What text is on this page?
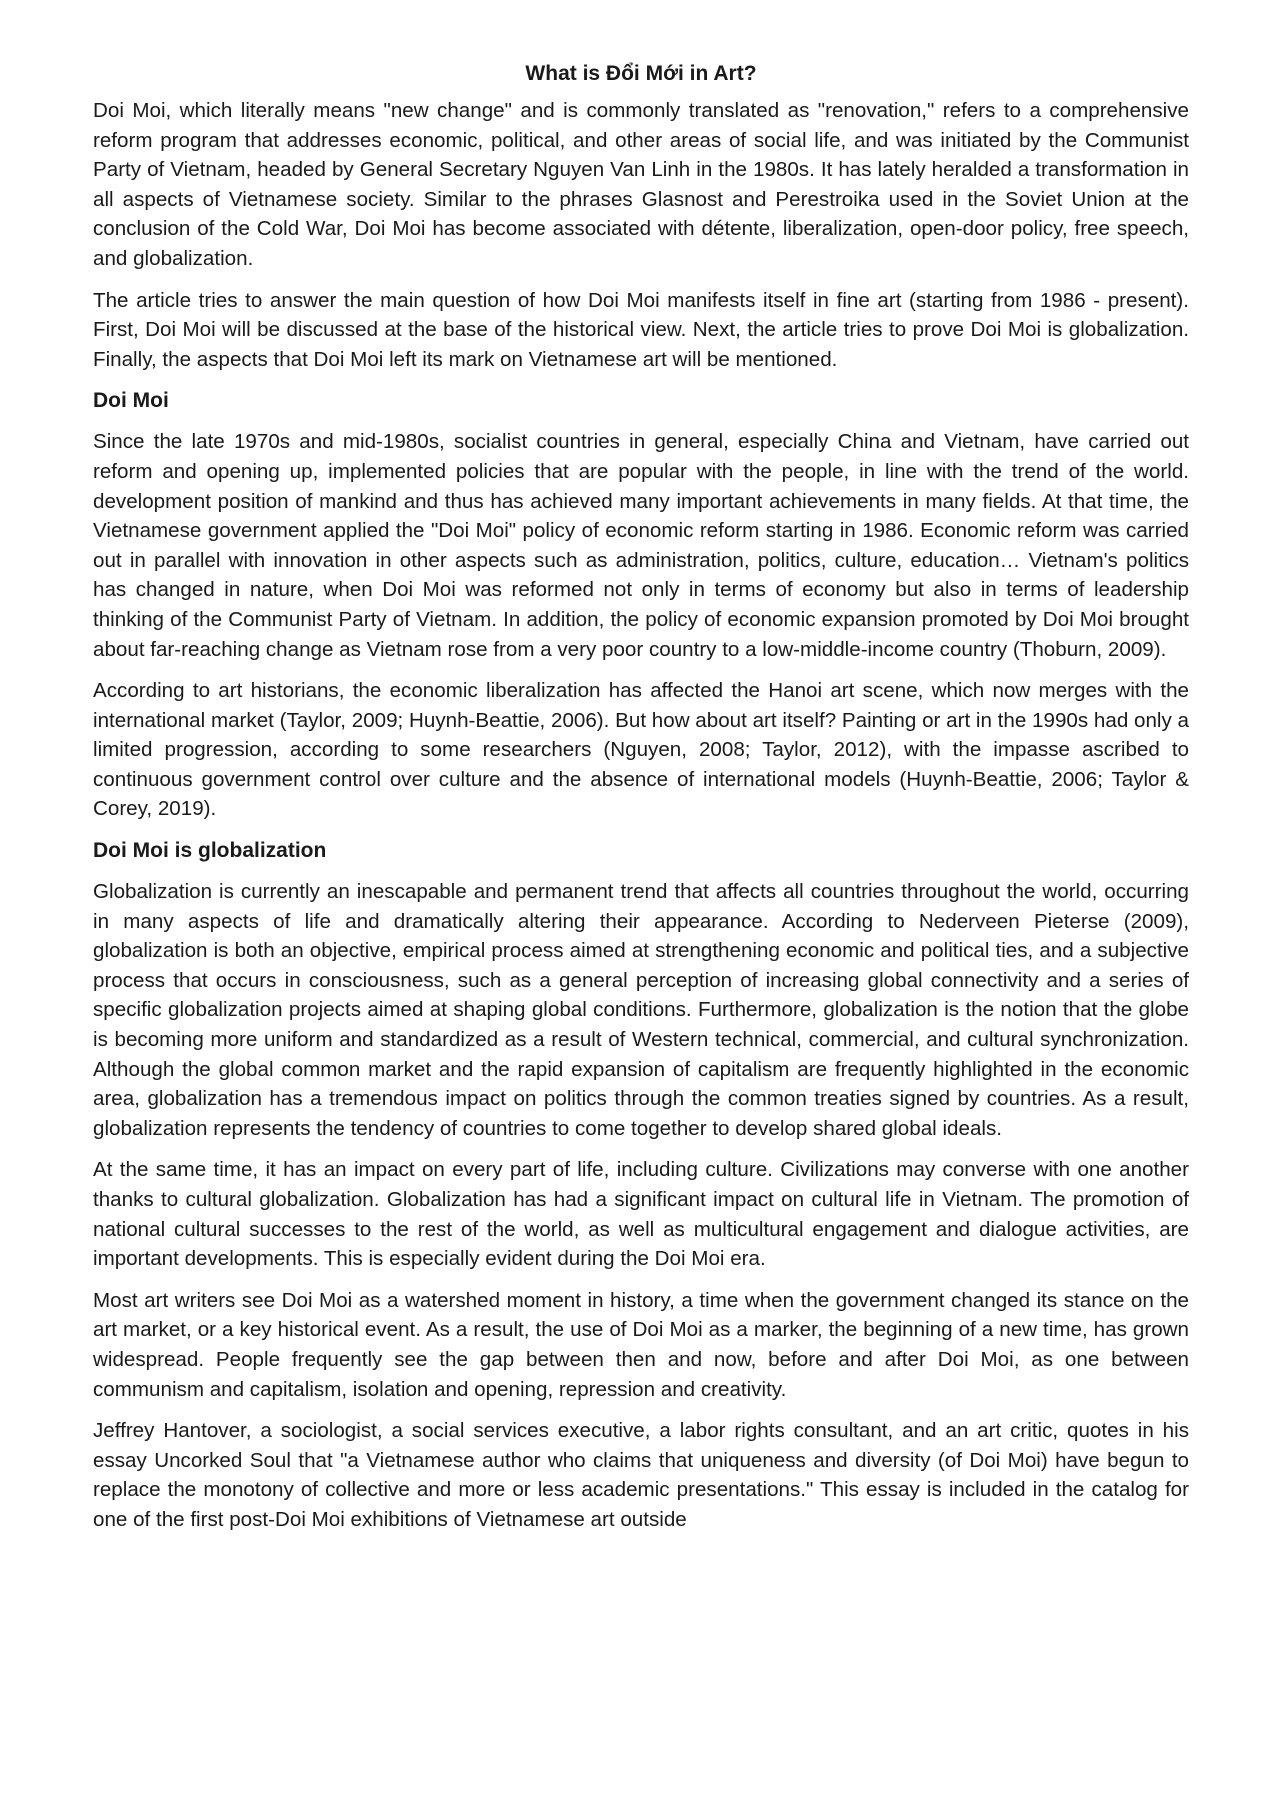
What is Đổi Mới in Art?

Doi Moi, which literally means "new change" and is commonly translated as "renovation," refers to a comprehensive reform program that addresses economic, political, and other areas of social life, and was initiated by the Communist Party of Vietnam, headed by General Secretary Nguyen Van Linh in the 1980s. It has lately heralded a transformation in all aspects of Vietnamese society. Similar to the phrases Glasnost and Perestroika used in the Soviet Union at the conclusion of the Cold War, Doi Moi has become associated with détente, liberalization, open-door policy, free speech, and globalization.

The article tries to answer the main question of how Doi Moi manifests itself in fine art (starting from 1986 - present). First, Doi Moi will be discussed at the base of the historical view. Next, the article tries to prove Doi Moi is globalization. Finally, the aspects that Doi Moi left its mark on Vietnamese art will be mentioned.

Doi Moi

Since the late 1970s and mid-1980s, socialist countries in general, especially China and Vietnam, have carried out reform and opening up, implemented policies that are popular with the people, in line with the trend of the world. development position of mankind and thus has achieved many important achievements in many fields. At that time, the Vietnamese government applied the "Doi Moi" policy of economic reform starting in 1986. Economic reform was carried out in parallel with innovation in other aspects such as administration, politics, culture, education… Vietnam's politics has changed in nature, when Doi Moi was reformed not only in terms of economy but also in terms of leadership thinking of the Communist Party of Vietnam. In addition, the policy of economic expansion promoted by Doi Moi brought about far-reaching change as Vietnam rose from a very poor country to a low-middle-income country (Thoburn, 2009).

According to art historians, the economic liberalization has affected the Hanoi art scene, which now merges with the international market (Taylor, 2009; Huynh-Beattie, 2006). But how about art itself? Painting or art in the 1990s had only a limited progression, according to some researchers (Nguyen, 2008; Taylor, 2012), with the impasse ascribed to continuous government control over culture and the absence of international models (Huynh-Beattie, 2006; Taylor & Corey, 2019).

Doi Moi is globalization

Globalization is currently an inescapable and permanent trend that affects all countries throughout the world, occurring in many aspects of life and dramatically altering their appearance. According to Nederveen Pieterse (2009), globalization is both an objective, empirical process aimed at strengthening economic and political ties, and a subjective process that occurs in consciousness, such as a general perception of increasing global connectivity and a series of specific globalization projects aimed at shaping global conditions. Furthermore, globalization is the notion that the globe is becoming more uniform and standardized as a result of Western technical, commercial, and cultural synchronization. Although the global common market and the rapid expansion of capitalism are frequently highlighted in the economic area, globalization has a tremendous impact on politics through the common treaties signed by countries. As a result, globalization represents the tendency of countries to come together to develop shared global ideals.

At the same time, it has an impact on every part of life, including culture. Civilizations may converse with one another thanks to cultural globalization. Globalization has had a significant impact on cultural life in Vietnam. The promotion of national cultural successes to the rest of the world, as well as multicultural engagement and dialogue activities, are important developments. This is especially evident during the Doi Moi era.

Most art writers see Doi Moi as a watershed moment in history, a time when the government changed its stance on the art market, or a key historical event. As a result, the use of Doi Moi as a marker, the beginning of a new time, has grown widespread. People frequently see the gap between then and now, before and after Doi Moi, as one between communism and capitalism, isolation and opening, repression and creativity.

Jeffrey Hantover, a sociologist, a social services executive, a labor rights consultant, and an art critic, quotes in his essay Uncorked Soul that "a Vietnamese author who claims that uniqueness and diversity (of Doi Moi) have begun to replace the monotony of collective and more or less academic presentations." This essay is included in the catalog for one of the first post-Doi Moi exhibitions of Vietnamese art outside
